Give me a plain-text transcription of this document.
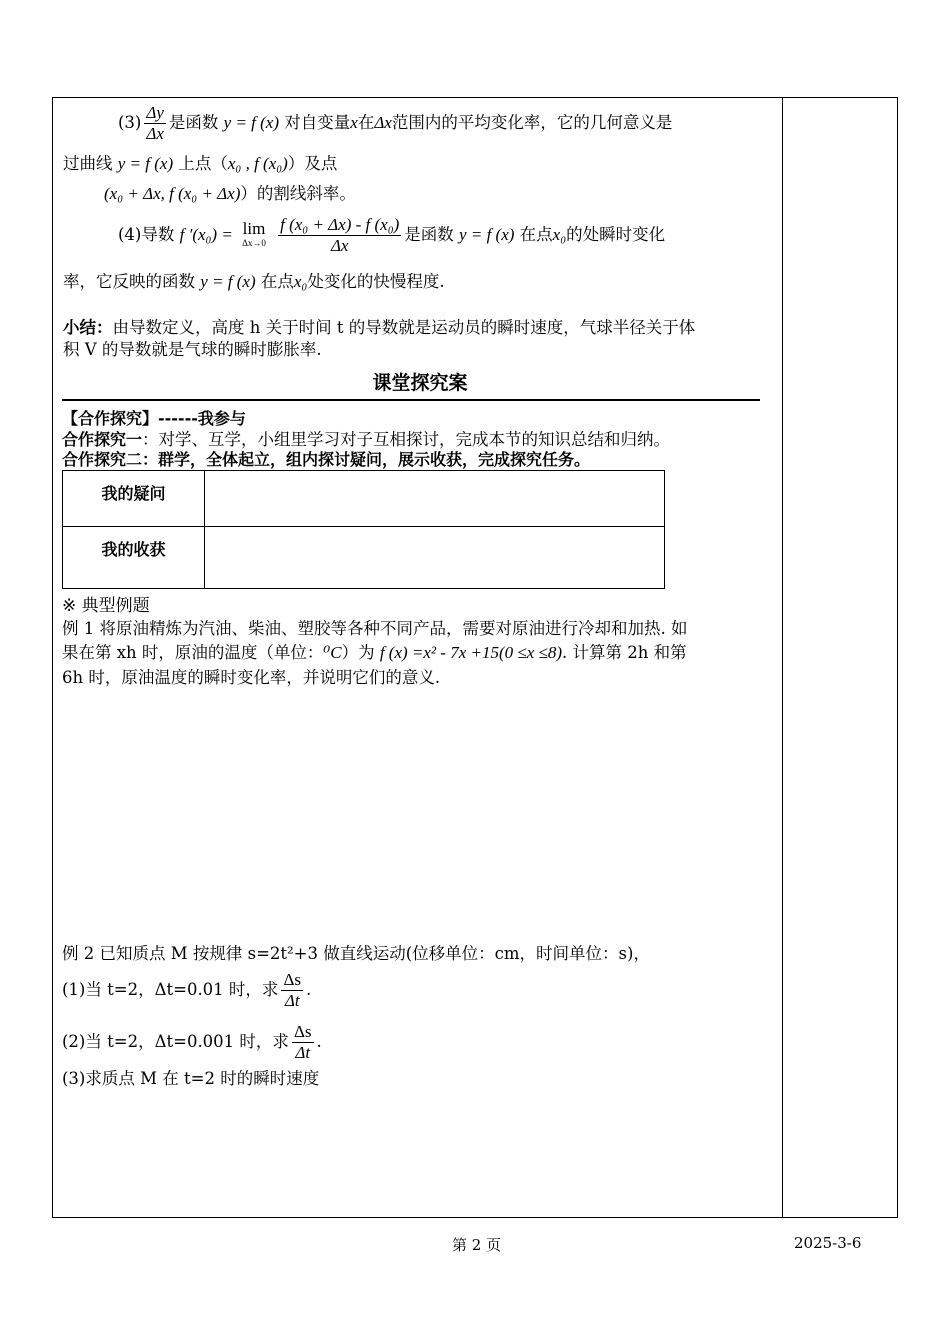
$(3) \frac{\Delta y}{\Delta x}$ 是函数 y = f (x) 对自变量x在Δx范围内的平均变化率，它的几何意义是
过曲线 y = f (x) 上点（x₀ , f (x₀)）及点
(x₀ + Δx, f (x₀ + Δx)）的割线斜率。
(4)导数 f ′(x₀) = lim
Δx→0
$\frac{\text{f (x₀ + Δx) - f (x₀)}}{\Delta x}$ 是函数 y = f (x) 在点x₀的处瞬时变化
率，它反映的函数 y = f (x) 在点x₀处变化的快慢程度.
小结：由导数定义，高度 h 关于时间 t 的导数就是运动员的瞬时速度，气球半径关于体
积 V 的导数就是气球的瞬时膨胀率.
课堂探究案
【合作探究】------我参与
合作探究一：对学、互学，小组里学习对子互相探讨，完成本节的知识总结和归纳。
合作探究二：群学，全体起立，组内探讨疑问，展示收获，完成探究任务。
我的疑问	
我的收获	
※ 典型例题
例 1 将原油精炼为汽油、柴油、塑胶等各种不同产品，需要对原油进行冷却和加热. 如
果在第 xh 时，原油的温度（单位：⁰C）为 f (x) =x² - 7x +15(0 ≤x ≤8). 计算第 2h 和第
6h 时，原油温度的瞬时变化率，并说明它们的意义.
例 2 已知质点 M 按规律 s=2t²+3 做直线运动(位移单位：cm，时间单位：s)，
(1)当 t=2，Δt=0.01 时，求 $\frac{\Delta s}{\Delta t}$ .
(2)当 t=2，Δt=0.001 时，求 $\frac{\Delta s}{\Delta t}$ .
(3)求质点 M 在 t=2 时的瞬时速度
第 2 页	2025-3-6
